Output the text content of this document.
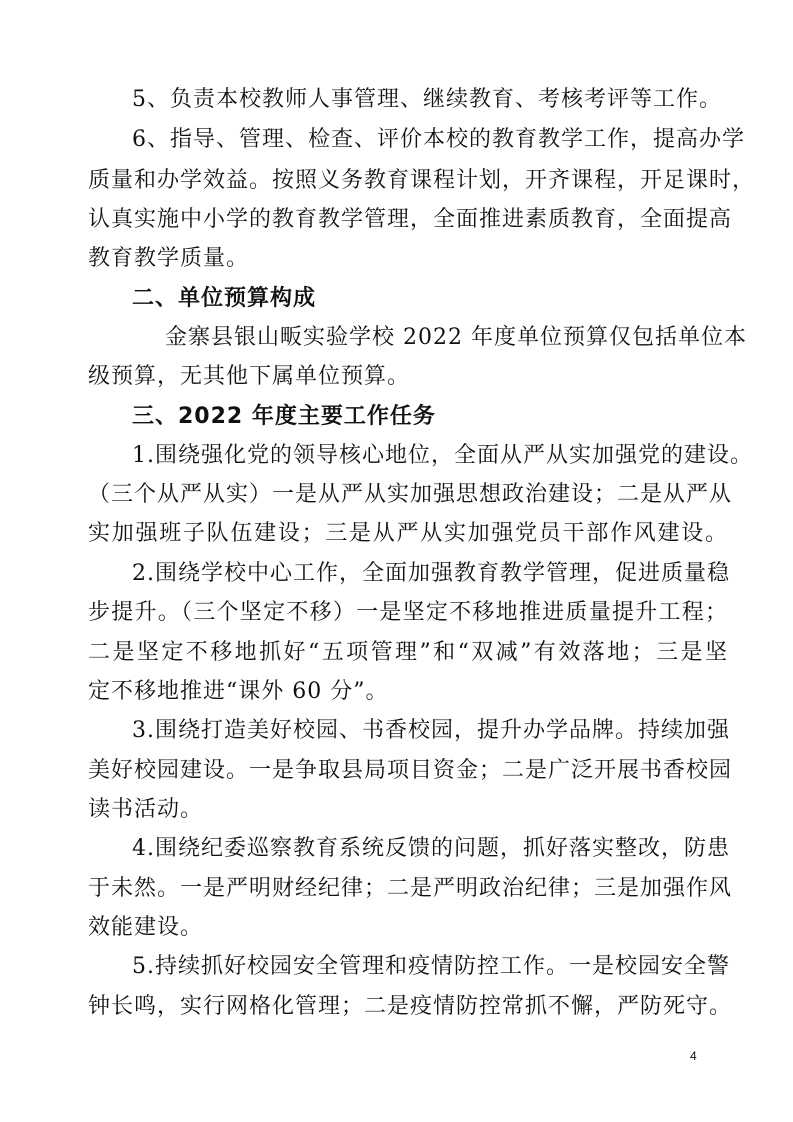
5、负责本校教师人事管理、继续教育、考核考评等工作。
6、指导、管理、检查、评价本校的教育教学工作，提高办学
质量和办学效益。按照义务教育课程计划，开齐课程，开足课时，
认真实施中小学的教育教学管理，全面推进素质教育，全面提高
教育教学质量。
二、单位预算构成
金寨县银山畈实验学校 2022 年度单位预算仅包括单位本
级预算，无其他下属单位预算。
三、2022 年度主要工作任务
1.围绕强化党的领导核心地位，全面从严从实加强党的建设。
（三个从严从实）一是从严从实加强思想政治建设；二是从严从
实加强班子队伍建设；三是从严从实加强党员干部作风建设。
2.围绕学校中心工作，全面加强教育教学管理，促进质量稳
步提升。（三个坚定不移）一是坚定不移地推进质量提升工程；
二是坚定不移地抓好“五项管理”和“双减”有效落地；三是坚
定不移地推进“课外 60 分”。
3.围绕打造美好校园、书香校园，提升办学品牌。持续加强
美好校园建设。一是争取县局项目资金；二是广泛开展书香校园
读书活动。
4.围绕纪委巡察教育系统反馈的问题，抓好落实整改，防患
于未然。一是严明财经纪律；二是严明政治纪律；三是加强作风
效能建设。
5.持续抓好校园安全管理和疫情防控工作。一是校园安全警
钟长鸣，实行网格化管理；二是疫情防控常抓不懈，严防死守。
4
